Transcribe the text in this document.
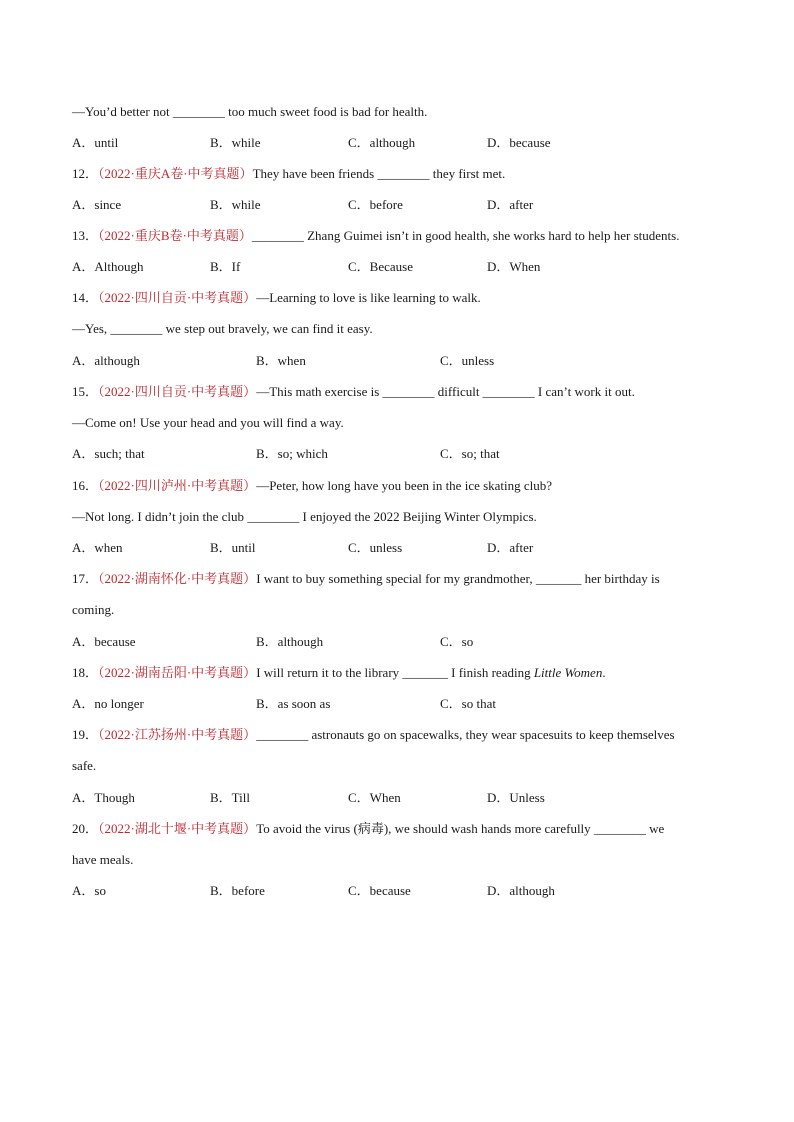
—You’d better not ________ too much sweet food is bad for health.
A．until	B．while	C．although	D．because
12．（2022·重庆A卷·中考真题）They have been friends ________ they first met.
A．since	B．while	C．before	D．after
13．（2022·重庆B卷·中考真题）________ Zhang Guimei isn’t in good health, she works hard to help her students.
A．Although	B．If	C．Because	D．When
14．（2022·四川自贡·中考真题）—Learning to love is like learning to walk.
—Yes, ________ we step out bravely, we can find it easy.
A．although	B．when	C．unless
15．（2022·四川自贡·中考真题）—This math exercise is ________ difficult ________ I can’t work it out.
—Come on! Use your head and you will find a way.
A．such; that	B．so; which	C．so; that
16．（2022·四川泸州·中考真题）—Peter, how long have you been in the ice skating club?
—Not long. I didn’t join the club ________ I enjoyed the 2022 Beijing Winter Olympics.
A．when	B．until	C．unless	D．after
17．（2022·湖南怀化·中考真题）I want to buy something special for my grandmother, _______ her birthday is
coming.
A．because	B．although	C．so
18．（2022·湖南岳阳·中考真题）I will return it to the library _______ I finish reading Little Women.
A．no longer	B．as soon as	C．so that
19．（2022·江苏扬州·中考真题）________ astronauts go on spacewalks, they wear spacesuits to keep themselves
safe.
A．Though	B．Till	C．When	D．Unless
20．（2022·湖北十堰·中考真题）To avoid the virus (病毒), we should wash hands more carefully ________ we
have meals.
A．so	B．before	C．because	D．although
